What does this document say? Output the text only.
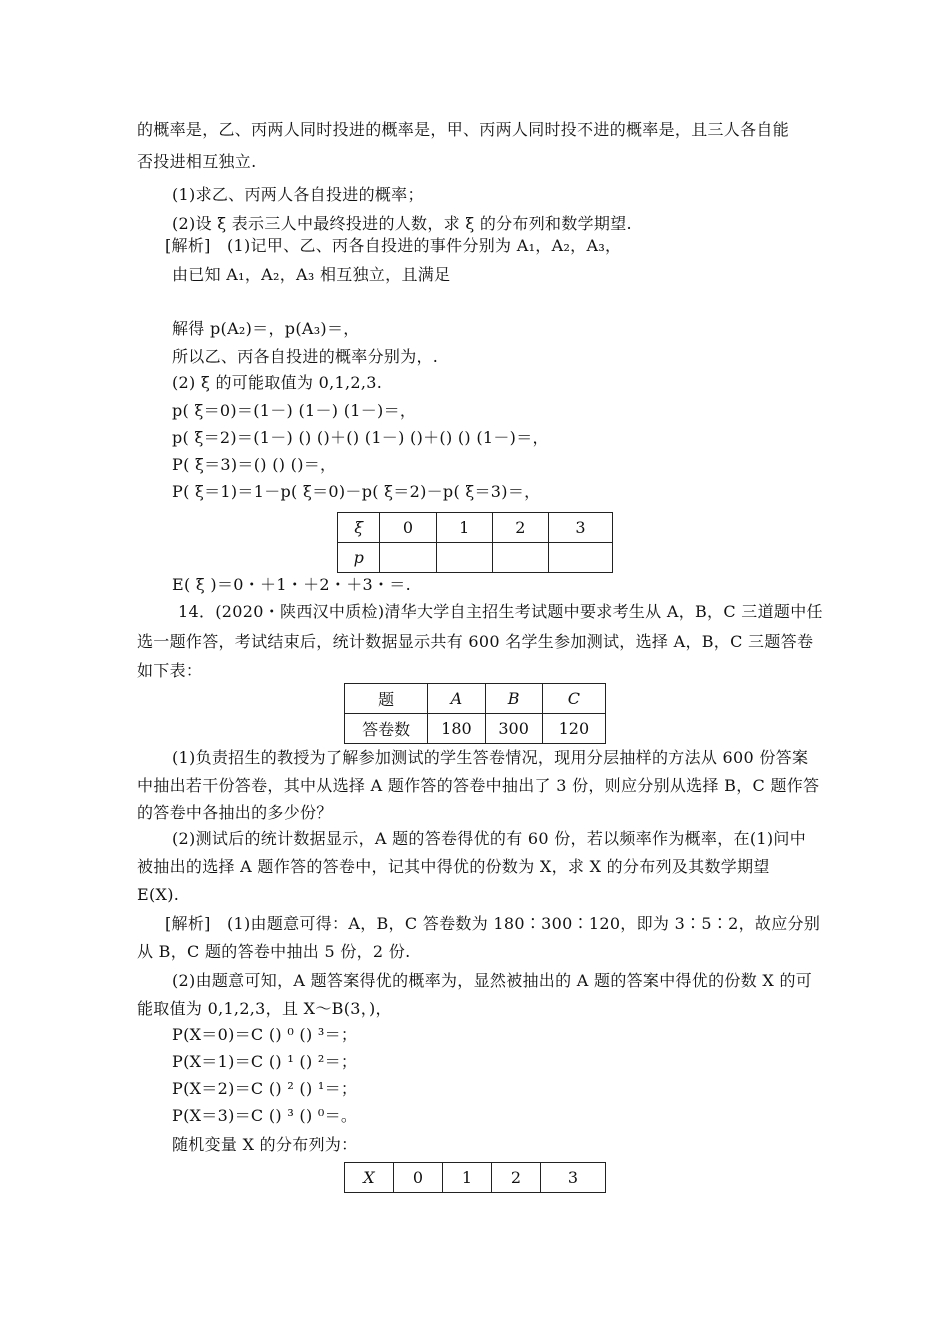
的概率是，乙、丙两人同时投进的概率是，甲、丙两人同时投不进的概率是，且三人各自能
否投进相互独立.
(1)求乙、丙两人各自投进的概率；
(2)设 ξ 表示三人中最终投进的人数，求 ξ 的分布列和数学期望.
[解析]　(1)记甲、乙、丙各自投进的事件分别为 A₁，A₂，A₃，
由已知 A₁，A₂，A₃ 相互独立，且满足
解得 p(A₂)＝，p(A₃)＝，
所以乙、丙各自投进的概率分别为，.
(2) ξ 的可能取值为 0,1,2,3.
p( ξ＝0)＝(1－) (1－) (1－)＝，
p( ξ＝2)＝(1－) () ()＋() (1－) ()＋() () (1－)＝，
P( ξ＝3)＝() () ()＝，
P( ξ＝1)＝1－p( ξ＝0)－p( ξ＝2)－p( ξ＝3)＝，
ξ	0	1	2	3
p				
E( ξ )＝0・＋1・＋2・＋3・＝.
14．(2020・陕西汉中质检)清华大学自主招生考试题中要求考生从 A，B，C 三道题中任
选一题作答，考试结束后，统计数据显示共有 600 名学生参加测试，选择 A，B，C 三题答卷
如下表：
题	A	B	C
答卷数	180	300	120
(1)负责招生的教授为了解参加测试的学生答卷情况，现用分层抽样的方法从 600 份答案
中抽出若干份答卷，其中从选择 A 题作答的答卷中抽出了 3 份，则应分别从选择 B，C 题作答
的答卷中各抽出的多少份？
(2)测试后的统计数据显示，A 题的答卷得优的有 60 份，若以频率作为概率，在(1)问中
被抽出的选择 A 题作答的答卷中，记其中得优的份数为 X，求 X 的分布列及其数学期望
E(X).
[解析]　(1)由题意可得：A，B，C 答卷数为 180∶300∶120，即为 3∶5∶2，故应分别
从 B，C 题的答卷中抽出 5 份，2 份.
(2)由题意可知，A 题答案得优的概率为，显然被抽出的 A 题的答案中得优的份数 X 的可
能取值为 0,1,2,3，且 X～B(3，)，
P(X＝0)＝C () ⁰ () ³＝；
P(X＝1)＝C () ¹ () ²＝；
P(X＝2)＝C () ² () ¹＝；
P(X＝3)＝C () ³ () ⁰＝。
随机变量 X 的分布列为：
X	0	1	2	3
